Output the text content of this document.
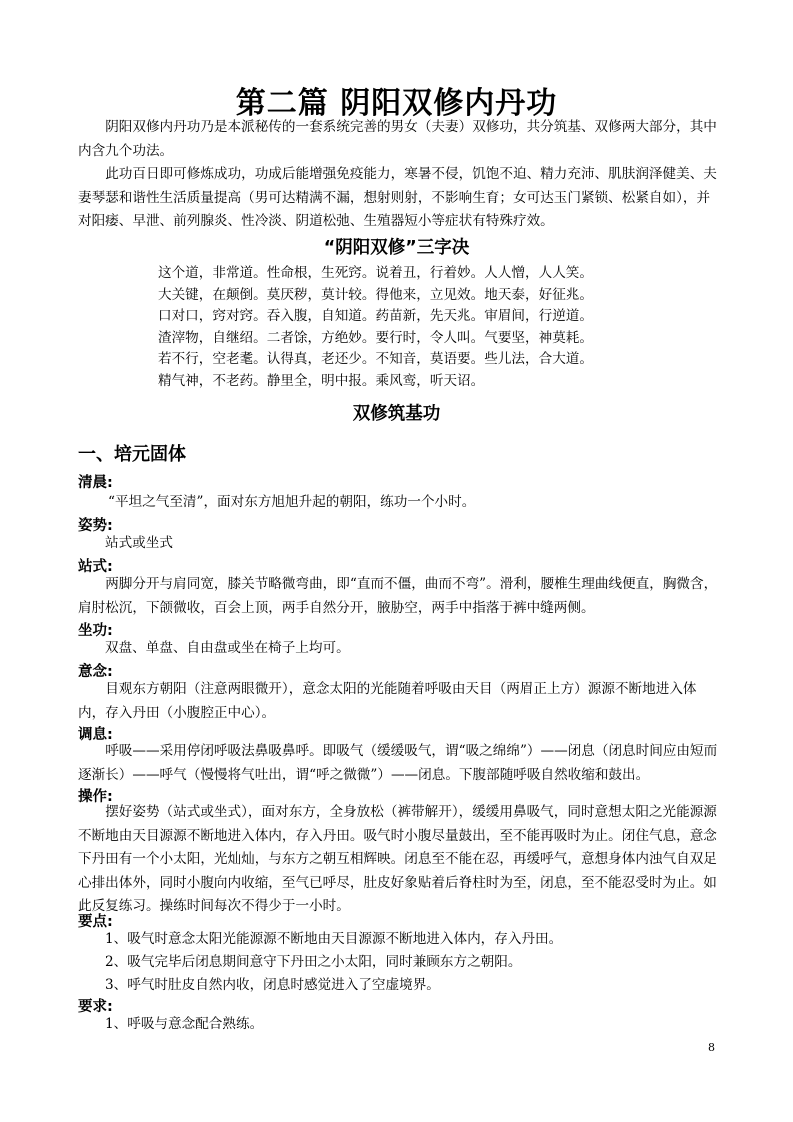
第二篇 阴阳双修内丹功
阴阳双修内丹功乃是本派秘传的一套系统完善的男女（夫妻）双修功，共分筑基、双修两大部分，其中内含九个功法。
此功百日即可修炼成功，功成后能增强免疫能力，寒暑不侵，饥饱不迫、精力充沛、肌肤润泽健美、夫妻琴瑟和谐性生活质量提高（男可达精满不漏，想射则射，不影响生育；女可达玉门紧锁、松紧自如），并对阳痿、早泄、前列腺炎、性冷淡、阴道松弛、生殖器短小等症状有特殊疗效。
“阴阳双修”三字决
这个道，非常道。性命根，生死窍。说着丑，行着妙。人人憎，人人笑。
大关键，在颠倒。莫厌秽，莫计较。得他来，立见效。地天泰，好征兆。
口对口，窍对窍。吞入腹，自知道。药苗新，先天兆。审眉间，行逆道。
渣滓物，自继绍。二者馀，方绝妙。要行时，令人叫。气要坚，神莫耗。
若不行，空老耄。认得真，老还少。不知音，莫语要。些儿法，合大道。
精气神，不老药。静里全，明中报。乘风鸾，听天诏。
双修筑基功
一、培元固体
清晨:
“平坦之气至清”，面对东方旭旭升起的朝阳，练功一个小时。
姿势:
站式或坐式
站式:
两脚分开与肩同宽，膝关节略微弯曲，即“直而不僵，曲而不弯”。滑利，腰椎生理曲线便直，胸微含，肩肘松沉，下颌微收，百会上顶，两手自然分开，腋胁空，两手中指落于裤中缝两侧。
坐功:
双盘、单盘、自由盘或坐在椅子上均可。
意念:
目观东方朝阳（注意两眼微开），意念太阳的光能随着呼吸由天目（两眉正上方）源源不断地进入体内，存入丹田（小腹腔正中心）。
调息:
呼吸——采用停闭呼吸法鼻吸鼻呼。即吸气（缓缓吸气，谓“吸之绵绵”）——闭息（闭息时间应由短而逐渐长）——呼气（慢慢将气吐出，谓“呼之微微”）——闭息。下腹部随呼吸自然收缩和鼓出。
操作:
摆好姿势（站式或坐式），面对东方，全身放松（裤带解开），缓缓用鼻吸气，同时意想太阳之光能源源不断地由天目源源不断地进入体内，存入丹田。吸气时小腹尽量鼓出，至不能再吸时为止。闭住气息，意念下丹田有一个小太阳，光灿灿，与东方之朝互相辉映。闭息至不能在忍，再缓呼气，意想身体内浊气自双足心排出体外，同时小腹向内收缩，至气已呼尽，肚皮好象贴着后脊柱时为至，闭息，至不能忍受时为止。如此反复练习。操练时间每次不得少于一小时。
要点:
1、吸气时意念太阳光能源源不断地由天目源源不断地进入体内，存入丹田。
2、吸气完毕后闭息期间意守下丹田之小太阳，同时兼顾东方之朝阳。
3、呼气时肚皮自然内收，闭息时感觉进入了空虚境界。
要求:
1、呼吸与意念配合熟练。
8
